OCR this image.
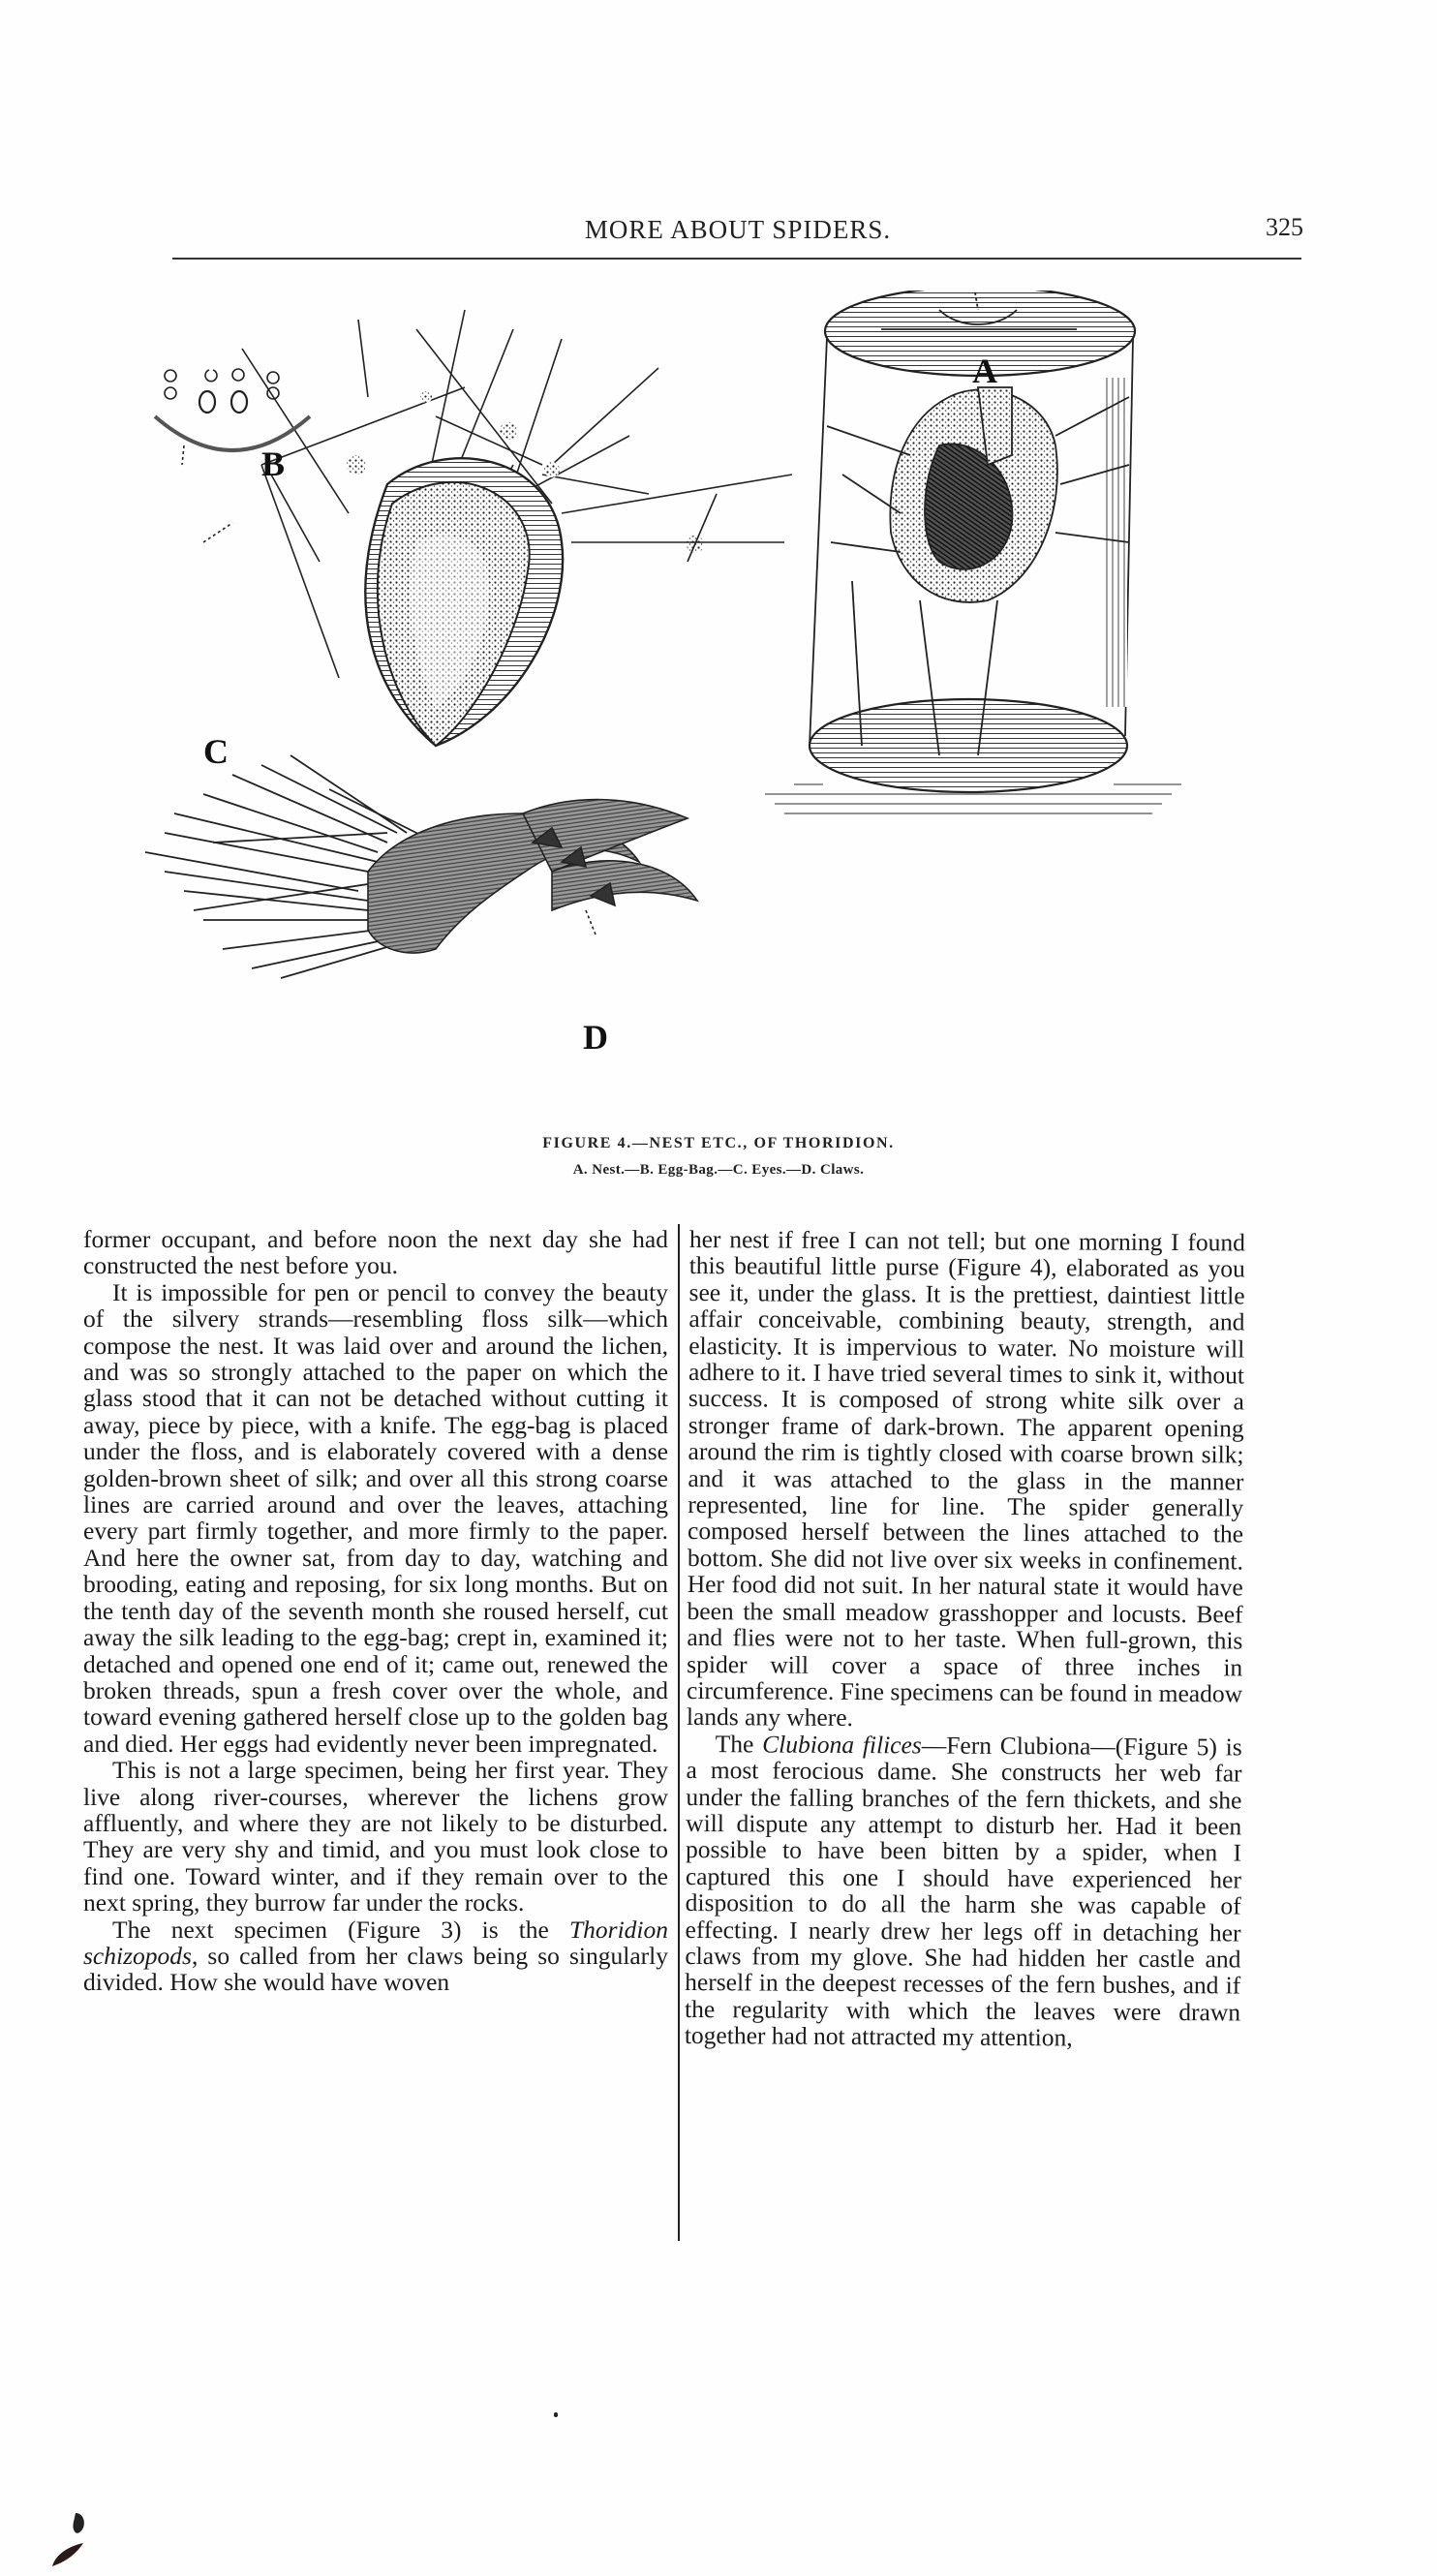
MORE ABOUT SPIDERS.	325
A
B
C
D
FIGURE 4.—NEST ETC., OF THORIDION.
A. Nest.—B. Egg-Bag.—C. Eyes.—D. Claws.

former occupant, and before noon the next day she had constructed the nest before you.

It is impossible for pen or pencil to convey the beauty of the silvery strands—resembling floss silk—which compose the nest. It was laid over and around the lichen, and was so strongly attached to the paper on which the glass stood that it can not be detached without cutting it away, piece by piece, with a knife. The egg-bag is placed under the floss, and is elaborately covered with a dense golden-brown sheet of silk; and over all this strong coarse lines are carried around and over the leaves, attaching every part firmly together, and more firmly to the paper. And here the owner sat, from day to day, watching and brooding, eating and reposing, for six long months. But on the tenth day of the seventh month she roused herself, cut away the silk leading to the egg-bag; crept in, examined it; detached and opened one end of it; came out, renewed the broken threads, spun a fresh cover over the whole, and toward evening gathered herself close up to the golden bag and died. Her eggs had evidently never been impregnated.

This is not a large specimen, being her first year. They live along river-courses, wherever the lichens grow affluently, and where they are not likely to be disturbed. They are very shy and timid, and you must look close to find one. Toward winter, and if they remain over to the next spring, they burrow far under the rocks.

The next specimen (Figure 3) is the Thoridion schizopods, so called from her claws being so singularly divided. How she would have woven

her nest if free I can not tell; but one morning I found this beautiful little purse (Figure 4), elaborated as you see it, under the glass. It is the prettiest, daintiest little affair conceivable, combining beauty, strength, and elasticity. It is impervious to water. No moisture will adhere to it. I have tried several times to sink it, without success. It is composed of strong white silk over a stronger frame of dark-brown. The apparent opening around the rim is tightly closed with coarse brown silk; and it was attached to the glass in the manner represented, line for line. The spider generally composed herself between the lines attached to the bottom. She did not live over six weeks in confinement. Her food did not suit. In her natural state it would have been the small meadow grasshopper and locusts. Beef and flies were not to her taste. When full-grown, this spider will cover a space of three inches in circumference. Fine specimens can be found in meadow lands any where.

The Clubiona filices—Fern Clubiona—(Figure 5) is a most ferocious dame. She constructs her web far under the falling branches of the fern thickets, and she will dispute any attempt to disturb her. Had it been possible to have been bitten by a spider, when I captured this one I should have experienced her disposition to do all the harm she was capable of effecting. I nearly drew her legs off in detaching her claws from my glove. She had hidden her castle and herself in the deepest recesses of the fern bushes, and if the regularity with which the leaves were drawn together had not attracted my attention,
